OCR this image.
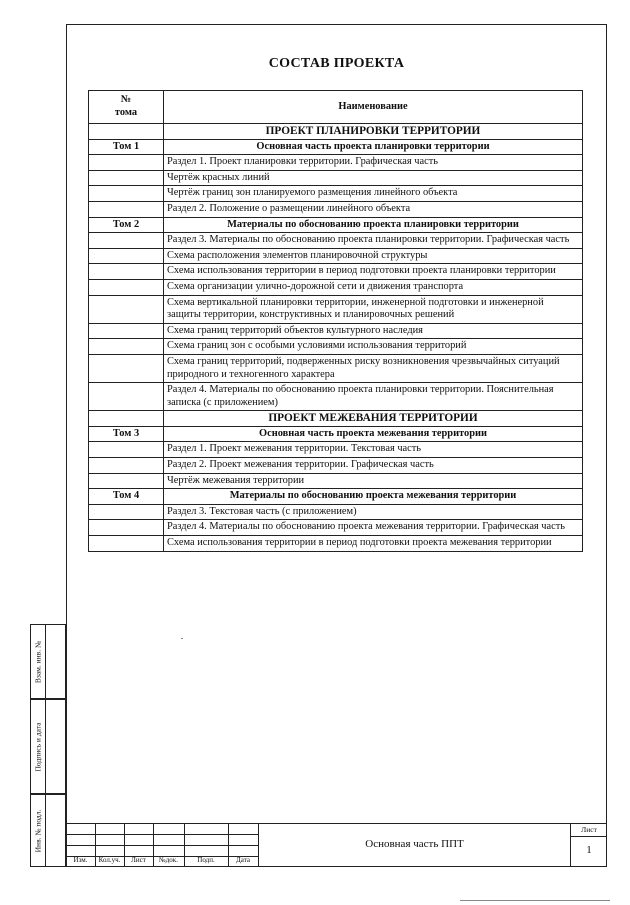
СОСТАВ ПРОЕКТА
№
тома	Наименование
	ПРОЕКТ ПЛАНИРОВКИ ТЕРРИТОРИИ
Том 1	Основная часть проекта планировки территории
	Раздел 1. Проект планировки территории. Графическая часть
	Чертёж красных линий
	Чертёж границ зон планируемого размещения линейного объекта
	Раздел 2. Положение о размещении линейного объекта
Том 2	Материалы по обоснованию проекта планировки территории
	Раздел 3. Материалы по обоснованию проекта планировки территории. Графическая часть
	Схема расположения элементов планировочной структуры
	Схема использования территории в период подготовки проекта планировки территории
	Схема организации улично-дорожной сети и движения транспорта
	Схема вертикальной планировки территории, инженерной подготовки и инженерной защиты территории, конструктивных и планировочных решений
	Схема границ территорий объектов культурного наследия
	Схема границ зон с особыми условиями использования территорий
	Схема границ территорий, подверженных риску возникновения чрезвычайных ситуаций природного и техногенного характера
	Раздел 4. Материалы по обоснованию проекта планировки территории. Пояснительная записка (с приложением)
	ПРОЕКТ МЕЖЕВАНИЯ ТЕРРИТОРИИ
Том 3	Основная часть проекта межевания территории
	Раздел 1. Проект межевания территории. Текстовая часть
	Раздел 2. Проект межевания территории. Графическая часть
	Чертёж межевания территории
Том 4	Материалы по обоснованию проекта межевания территории
	Раздел 3. Текстовая часть (с приложением)
	Раздел 4. Материалы по обоснованию проекта межевания территории. Графическая часть
	Схема использования территории в период подготовки проекта межевания территории
Взам. инв. №
Подпись и дата
Инв. № подл.
Изм.	Кол.уч.	Лист	№док.	Подп.	Дата
Основная часть ППТ
Лист
1
